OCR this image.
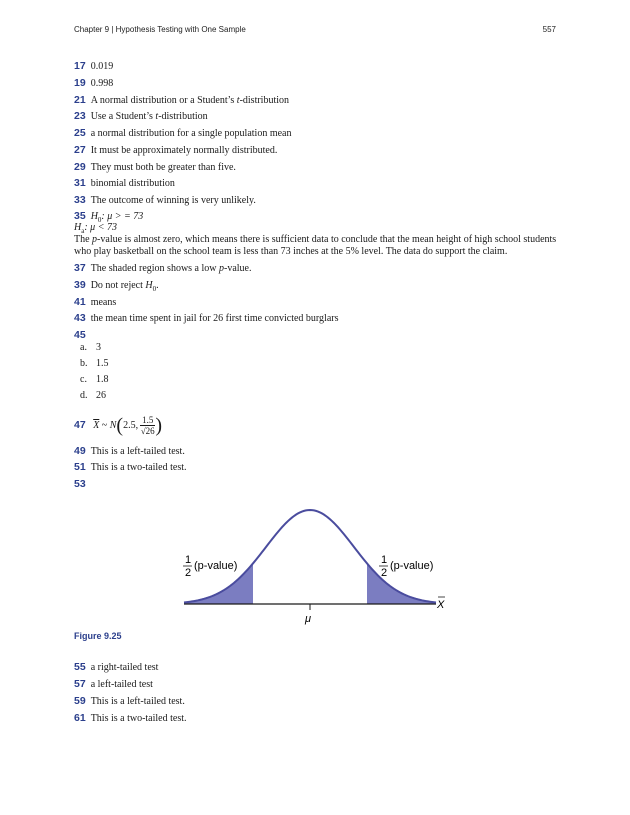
Chapter 9 | Hypothesis Testing with One Sample	557
17 0.019
19 0.998
21 A normal distribution or a Student’s t-distribution
23 Use a Student’s t-distribution
25 a normal distribution for a single population mean
27 It must be approximately normally distributed.
29 They must both be greater than five.
31 binomial distribution
33 The outcome of winning is very unlikely.
35 $H_0$: μ > = 73
$H_a$: μ < 73
The p-value is almost zero, which means there is sufficient data to conclude that the mean height of high school students who play basketball on the school team is less than 73 inches at the 5% level. The data do support the claim.
37 The shaded region shows a low p-value.
39 Do not reject $H_0$.
41 means
43 the mean time spent in jail for 26 first time convicted burglars
45
a. 3
b. 1.5
c. 1.8
d. 26
47 $\overline{X}$ ~ N(2.5, $\frac{1.5}{√26}$ )
49 This is a left-tailed test.
51 This is a two-tailed test.
53
μ
X
1
2
(p-value)	1
2
(p-value)
Figure 9.25
55 a right-tailed test
57 a left-tailed test
59 This is a left-tailed test.
61 This is a two-tailed test.
